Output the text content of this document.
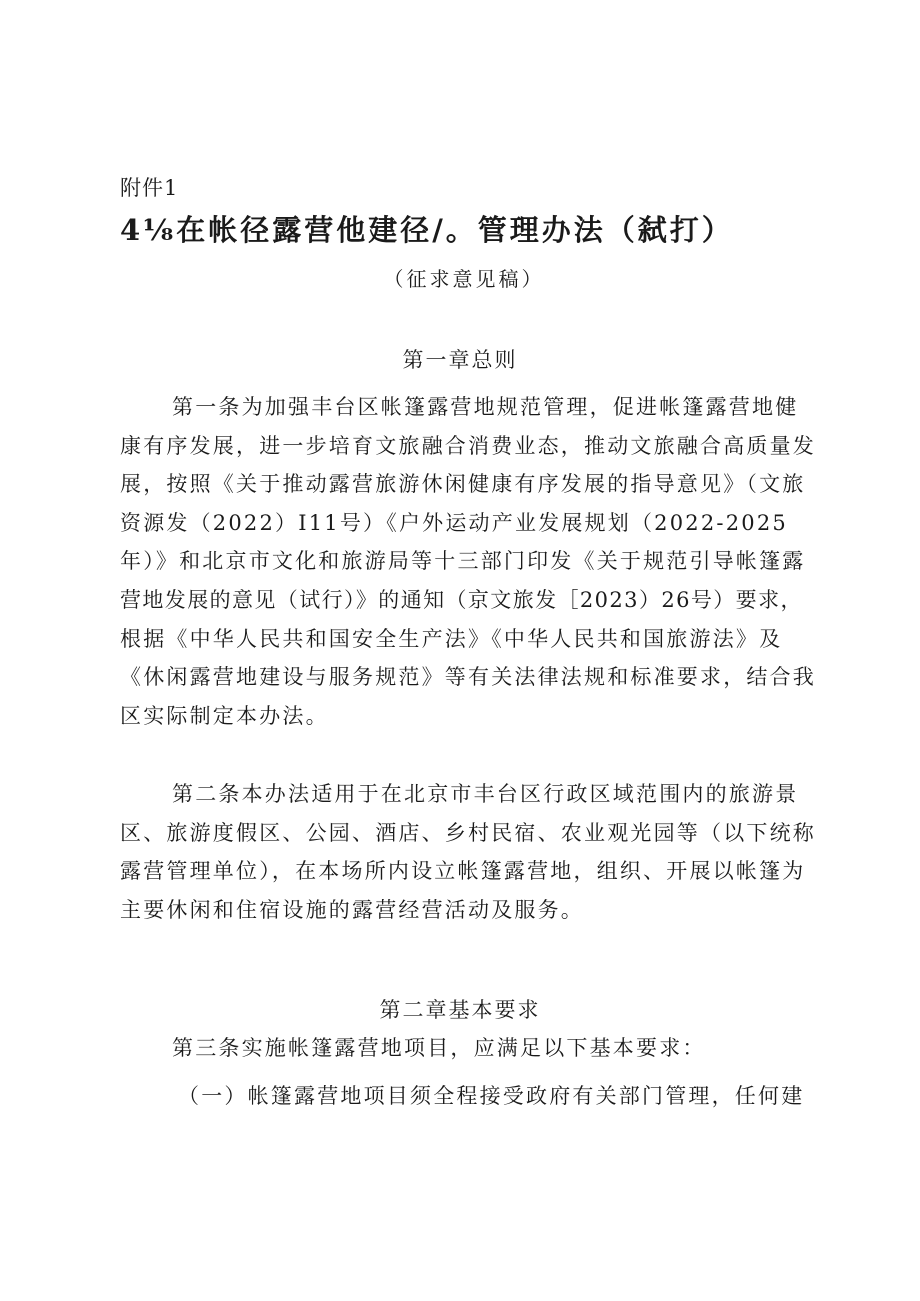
附件1
4⅛在帐径露营他建径/。管理办法（弑打）
（征求意见稿）
第一章总则
第一条为加强丰台区帐篷露营地规范管理，促进帐篷露营地健
康有序发展，进一步培育文旅融合消费业态，推动文旅融合高质量发
展，按照《关于推动露营旅游休闲健康有序发展的指导意见》（文旅
资源发（2022）I11号）《户外运动产业发展规划（2022-2025
年）》和北京市文化和旅游局等十三部门印发《关于规范引导帐篷露
营地发展的意见（试行）》的通知（京文旅发［2023）26号）要求，
根据《中华人民共和国安全生产法》《中华人民共和国旅游法》及
《休闲露营地建设与服务规范》等有关法律法规和标准要求，结合我
区实际制定本办法。
第二条本办法适用于在北京市丰台区行政区域范围内的旅游景
区、旅游度假区、公园、酒店、乡村民宿、农业观光园等（以下统称
露营管理单位），在本场所内设立帐篷露营地，组织、开展以帐篷为
主要休闲和住宿设施的露营经营活动及服务。
第二章基本要求
第三条实施帐篷露营地项目，应满足以下基本要求：
（一）帐篷露营地项目须全程接受政府有关部门管理，任何建
